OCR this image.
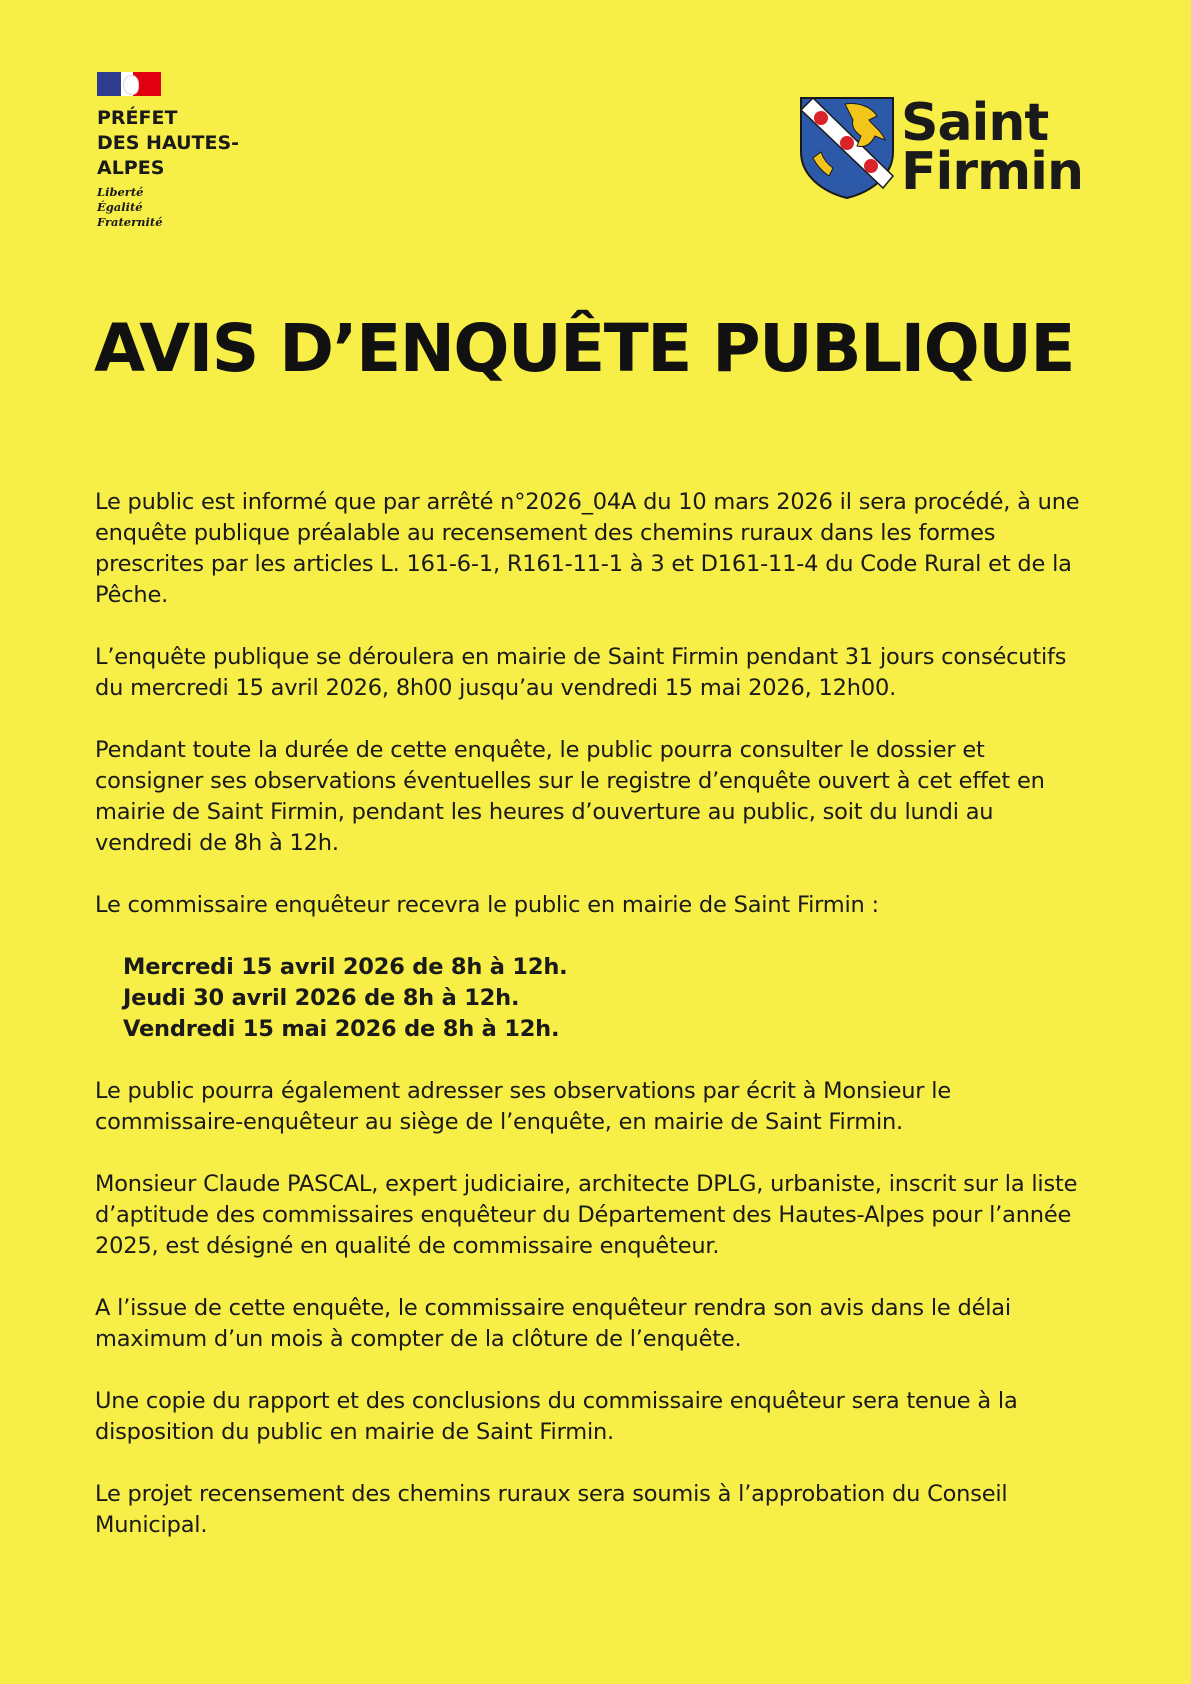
PRÉFET
DES HAUTES-
ALPES
Liberté
Égalité
Fraternité
Saint
Firmin
AVIS D’ENQUÊTE PUBLIQUE

Le public est informé que par arrêté n°2026_04A du 10 mars 2026 il sera procédé, à une enquête publique préalable au recensement des chemins ruraux dans les formes prescrites par les articles L. 161-6-1, R161-11-1 à 3 et D161-11-4 du Code Rural et de la Pêche.

L’enquête publique se déroulera en mairie de Saint Firmin pendant 31 jours consécutifs du mercredi 15 avril 2026, 8h00 jusqu’au vendredi 15 mai 2026, 12h00.

Pendant toute la durée de cette enquête, le public pourra consulter le dossier et consigner ses observations éventuelles sur le registre d’enquête ouvert à cet effet en mairie de Saint Firmin, pendant les heures d’ouverture au public, soit du lundi au vendredi de 8h à 12h.

Le commissaire enquêteur recevra le public en mairie de Saint Firmin :

Mercredi 15 avril 2026 de 8h à 12h.
Jeudi 30 avril 2026 de 8h à 12h.
Vendredi 15 mai 2026 de 8h à 12h.

Le public pourra également adresser ses observations par écrit à Monsieur le commissaire-enquêteur au siège de l’enquête, en mairie de Saint Firmin.

Monsieur Claude PASCAL, expert judiciaire, architecte DPLG, urbaniste, inscrit sur la liste d’aptitude des commissaires enquêteur du Département des Hautes-Alpes pour l’année 2025, est désigné en qualité de commissaire enquêteur.

A l’issue de cette enquête, le commissaire enquêteur rendra son avis dans le délai maximum d’un mois à compter de la clôture de l’enquête.

Une copie du rapport et des conclusions du commissaire enquêteur sera tenue à la disposition du public en mairie de Saint Firmin.

Le projet recensement des chemins ruraux sera soumis à l’approbation du Conseil Municipal.
